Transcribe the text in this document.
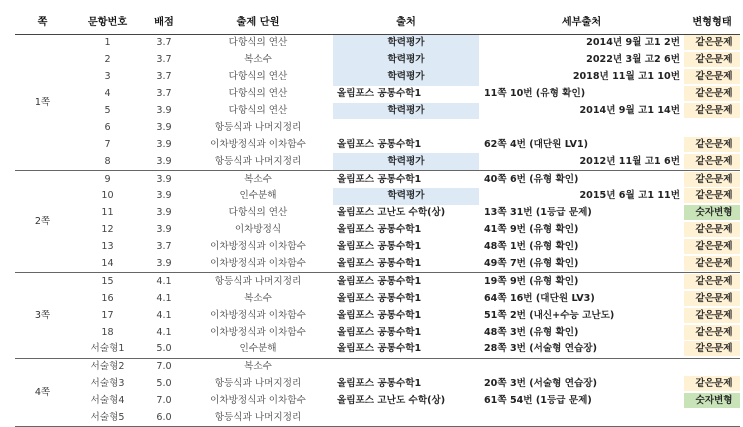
쪽	문항번호	배점	출제 단원	출처	세부출처	변형형태
1쪽	1	3.7	다항식의 연산	학력평가	2014년 9월 고1 2번	같은문제
	2	3.7	복소수	학력평가	2022년 3월 고2 6번	같은문제
	3	3.7	다항식의 연산	학력평가	2018년 11월 고1 10번	같은문제
	4	3.7	다항식의 연산	올림포스 공통수학1	11쪽 10번 (유형 확인)	같은문제
	5	3.9	다항식의 연산	학력평가	2014년 9월 고1 14번	같은문제
	6	3.9	항등식과 나머지정리			
	7	3.9	이차방정식과 이차함수	올림포스 공통수학1	62쪽 4번 (대단원 LV1)	같은문제
	8	3.9	항등식과 나머지정리	학력평가	2012년 11월 고1 6번	같은문제
2쪽	9	3.9	복소수	올림포스 공통수학1	40쪽 6번 (유형 확인)	같은문제
	10	3.9	인수분해	학력평가	2015년 6월 고1 11번	같은문제
	11	3.9	다항식의 연산	올림포스 고난도 수학(상)	13쪽 31번 (1등급 문제)	숫자변형
	12	3.9	이차방정식	올림포스 공통수학1	41쪽 9번 (유형 확인)	같은문제
	13	3.7	이차방정식과 이차함수	올림포스 공통수학1	48쪽 1번 (유형 확인)	같은문제
	14	3.9	이차방정식과 이차함수	올림포스 공통수학1	49쪽 7번 (유형 확인)	같은문제
3쪽	15	4.1	항등식과 나머지정리	올림포스 공통수학1	19쪽 9번 (유형 확인)	같은문제
	16	4.1	복소수	올림포스 공통수학1	64쪽 16번 (대단원 LV3)	같은문제
	17	4.1	이차방정식과 이차함수	올림포스 공통수학1	51쪽 2번 (내신+수능 고난도)	같은문제
	18	4.1	이차방정식과 이차함수	올림포스 공통수학1	48쪽 3번 (유형 확인)	같은문제
	서술형1	5.0	인수분해	올림포스 공통수학1	28쪽 3번 (서술형 연습장)	같은문제
4쪽	서술형2	7.0	복소수			
	서술형3	5.0	항등식과 나머지정리	올림포스 공통수학1	20쪽 3번 (서술형 연습장)	같은문제
	서술형4	7.0	이차방정식과 이차함수	올림포스 고난도 수학(상)	61쪽 54번 (1등급 문제)	숫자변형
	서술형5	6.0	항등식과 나머지정리			
